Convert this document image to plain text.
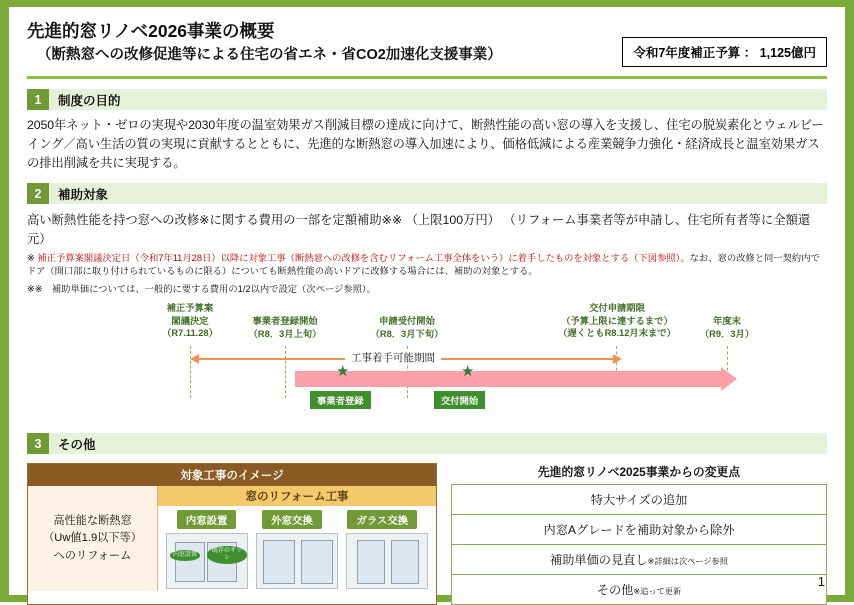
先進的窓リノベ2026事業の概要
（断熱窓への改修促進等による住宅の省エネ・省CO2加速化支援事業）	令和7年度補正予算 ： 1,125億円
1	制度の目的
2050年ネット・ゼロの実現や2030年度の温室効果ガス削減目標の達成に向けて、断熱性能の高い窓の導入を支援し、住宅の脱炭素化とウェルビーイング／高い生活の質の実現に貢献するとともに、先進的な断熱窓の導入加速により、価格低減による産業競争力強化・経済成長と温室効果ガスの排出削減を共に実現する。
2	補助対象
高い断熱性能を持つ窓への改修※に関する費用の一部を定額補助※※ （上限100万円） （リフォーム事業者等が申請し、住宅所有者等に全額還元）
※ 補正予算案閣議決定日（令和7年11月28日）以降に対象工事（断熱窓への改修を含むリフォーム工事全体をいう）に着手したものを対象とする（下図参照）。なお、窓の改修と同一契約内でドア（開口部に取り付けられているものに限る）についても断熱性能の高いドアに改修する場合には、補助の対象とする。
※※　補助単価については、一般的に要する費用の1/2以内で設定（次ページ参照）。
補正予算案
閣議決定
（R7.11.28）
事業者登録開始
（R8．3月上旬）
申請受付開始
（R8．3月下旬）
交付申請期限
（予算上限に達するまで）
（遅くともR8.12月末まで）
年度末
（R9．3月）
工事着手可能期間
★	★
事業者登録	交付開始
3	その他
対象工事のイメージ
高性能な断熱窓
（Uw値1.9以下等）
へのリフォーム
窓のリフォーム工事
内窓設置	外窓交換	ガラス交換
内窓設置
既存のサッシ
先進的窓リノベ2025事業からの変更点
特大サイズの追加
内窓Aグレードを補助対象から除外
補助単価の見直し※詳細は次ページ参照
その他※追って更新
1
